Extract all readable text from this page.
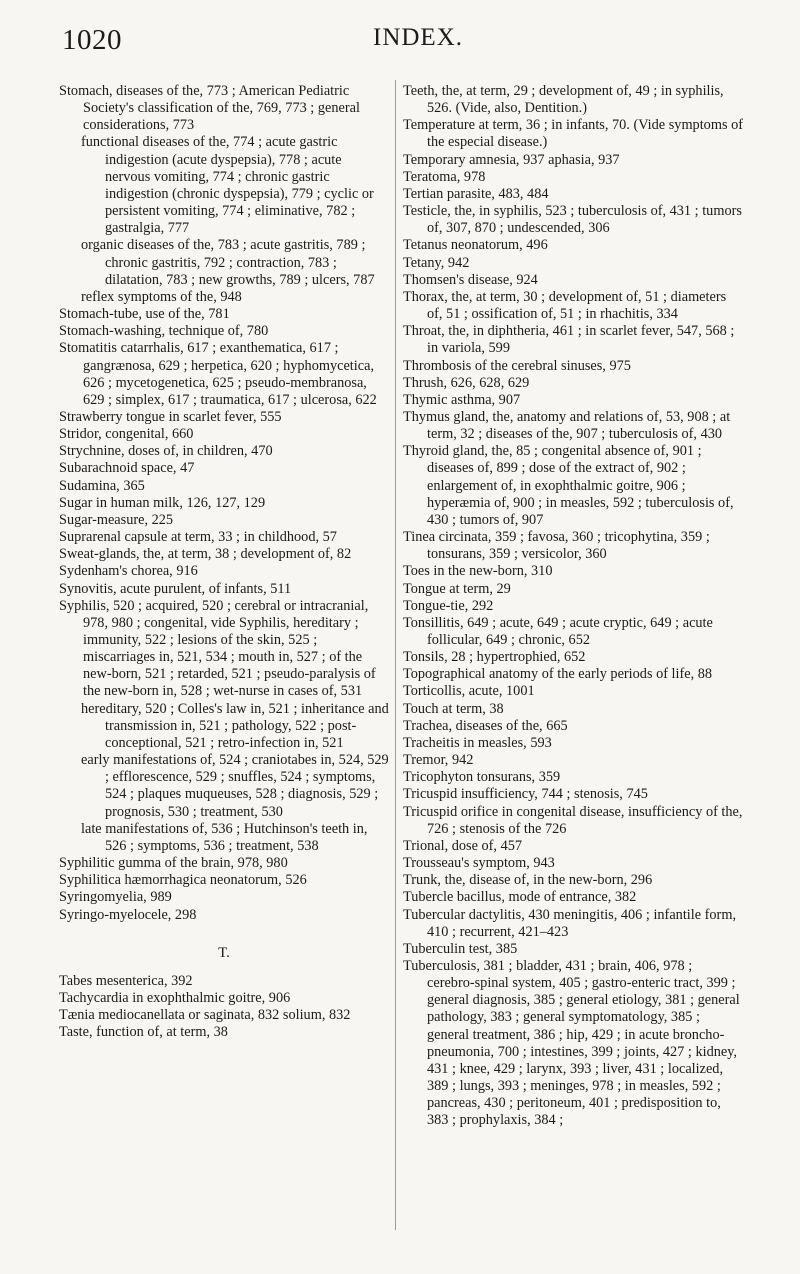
1020	INDEX.

Stomach, diseases of the, 773 ; American Pediatric Society's classification of the, 769, 773 ; general considerations, 773

functional diseases of the, 774 ; acute gastric indigestion (acute dyspepsia), 778 ; acute nervous vomiting, 774 ; chronic gastric indigestion (chronic dyspepsia), 779 ; cyclic or persistent vomiting, 774 ; eliminative, 782 ; gastralgia, 777

organic diseases of the, 783 ; acute gastritis, 789 ; chronic gastritis, 792 ; contraction, 783 ; dilatation, 783 ; new growths, 789 ; ulcers, 787

reflex symptoms of the, 948

Stomach-tube, use of the, 781

Stomach-washing, technique of, 780

Stomatitis catarrhalis, 617 ; exanthematica, 617 ; gangrænosa, 629 ; herpetica, 620 ; hyphomycetica, 626 ; mycetogenetica, 625 ; pseudo-membranosa, 629 ; simplex, 617 ; traumatica, 617 ; ulcerosa, 622

Strawberry tongue in scarlet fever, 555

Stridor, congenital, 660

Strychnine, doses of, in children, 470

Subarachnoid space, 47

Sudamina, 365

Sugar in human milk, 126, 127, 129

Sugar-measure, 225

Suprarenal capsule at term, 33 ; in childhood, 57

Sweat-glands, the, at term, 38 ; development of, 82

Sydenham's chorea, 916

Synovitis, acute purulent, of infants, 511

Syphilis, 520 ; acquired, 520 ; cerebral or intracranial, 978, 980 ; congenital, vide Syphilis, hereditary ; immunity, 522 ; lesions of the skin, 525 ; miscarriages in, 521, 534 ; mouth in, 527 ; of the new-born, 521 ; retarded, 521 ; pseudo-paralysis of the new-born in, 528 ; wet-nurse in cases of, 531

hereditary, 520 ; Colles's law in, 521 ; inheritance and transmission in, 521 ; pathology, 522 ; post-conceptional, 521 ; retro-infection in, 521

early manifestations of, 524 ; craniotabes in, 524, 529 ; efflorescence, 529 ; snuffles, 524 ; symptoms, 524 ; plaques muqueuses, 528 ; diagnosis, 529 ; prognosis, 530 ; treatment, 530

late manifestations of, 536 ; Hutchinson's teeth in, 526 ; symptoms, 536 ; treatment, 538

Syphilitic gumma of the brain, 978, 980

Syphilitica hæmorrhagica neonatorum, 526

Syringomyelia, 989

Syringo-myelocele, 298

T.

Tabes mesenterica, 392

Tachycardia in exophthalmic goitre, 906

Tænia mediocanellata or saginata, 832 solium, 832

Taste, function of, at term, 38

Teeth, the, at term, 29 ; development of, 49 ; in syphilis, 526. (Vide, also, Dentition.)

Temperature at term, 36 ; in infants, 70. (Vide symptoms of the especial disease.)

Temporary amnesia, 937 aphasia, 937

Teratoma, 978

Tertian parasite, 483, 484

Testicle, the, in syphilis, 523 ; tuberculosis of, 431 ; tumors of, 307, 870 ; undescended, 306

Tetanus neonatorum, 496

Tetany, 942

Thomsen's disease, 924

Thorax, the, at term, 30 ; development of, 51 ; diameters of, 51 ; ossification of, 51 ; in rhachitis, 334

Throat, the, in diphtheria, 461 ; in scarlet fever, 547, 568 ; in variola, 599

Thrombosis of the cerebral sinuses, 975

Thrush, 626, 628, 629

Thymic asthma, 907

Thymus gland, the, anatomy and relations of, 53, 908 ; at term, 32 ; diseases of the, 907 ; tuberculosis of, 430

Thyroid gland, the, 85 ; congenital absence of, 901 ; diseases of, 899 ; dose of the extract of, 902 ; enlargement of, in exophthalmic goitre, 906 ; hyperæmia of, 900 ; in measles, 592 ; tuberculosis of, 430 ; tumors of, 907

Tinea circinata, 359 ; favosa, 360 ; tricophytina, 359 ; tonsurans, 359 ; versicolor, 360

Toes in the new-born, 310

Tongue at term, 29

Tongue-tie, 292

Tonsillitis, 649 ; acute, 649 ; acute cryptic, 649 ; acute follicular, 649 ; chronic, 652

Tonsils, 28 ; hypertrophied, 652

Topographical anatomy of the early periods of life, 88

Torticollis, acute, 1001

Touch at term, 38

Trachea, diseases of the, 665

Tracheitis in measles, 593

Tremor, 942

Tricophyton tonsurans, 359

Tricuspid insufficiency, 744 ; stenosis, 745

Tricuspid orifice in congenital disease, insufficiency of the, 726 ; stenosis of the 726

Trional, dose of, 457

Trousseau's symptom, 943

Trunk, the, disease of, in the new-born, 296

Tubercle bacillus, mode of entrance, 382

Tubercular dactylitis, 430 meningitis, 406 ; infantile form, 410 ; recurrent, 421–423

Tuberculin test, 385

Tuberculosis, 381 ; bladder, 431 ; brain, 406, 978 ; cerebro-spinal system, 405 ; gastro-enteric tract, 399 ; general diagnosis, 385 ; general etiology, 381 ; general pathology, 383 ; general symptomatology, 385 ; general treatment, 386 ; hip, 429 ; in acute broncho-pneumonia, 700 ; intestines, 399 ; joints, 427 ; kidney, 431 ; knee, 429 ; larynx, 393 ; liver, 431 ; localized, 389 ; lungs, 393 ; meninges, 978 ; in measles, 592 ; pancreas, 430 ; peritoneum, 401 ; predisposition to, 383 ; prophylaxis, 384 ;
